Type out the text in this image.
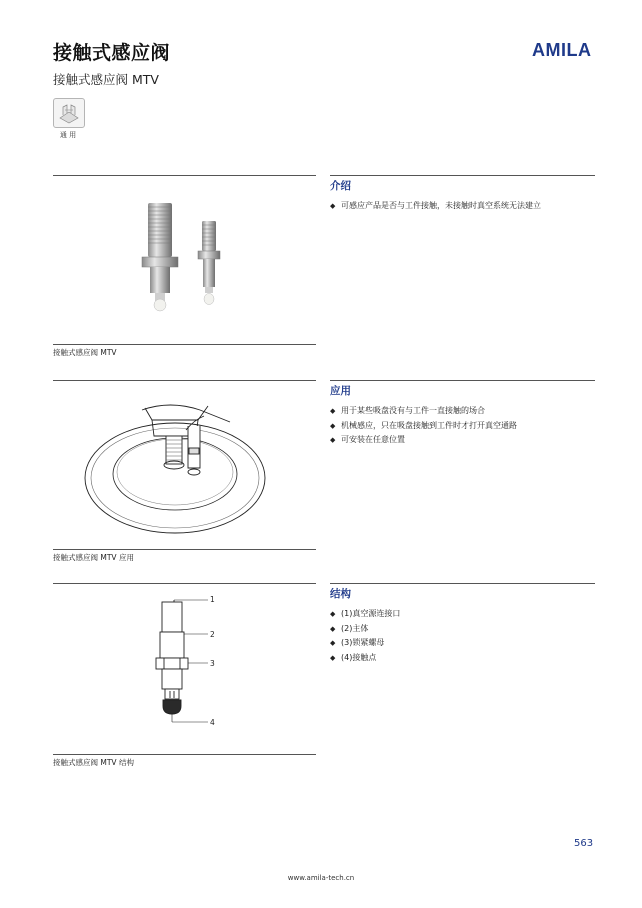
接触式感应阀
接触式感应阀 MTV
AMILA
通 用
介绍
◆ 可感应产品是否与工件接触，未接触时真空系统无法建立
接触式感应阀 MTV
应用
◆ 用于某些吸盘没有与工件一直接触的场合
◆ 机械感应，只在吸盘接触到工件时才打开真空通路
◆ 可安装在任意位置
接触式感应阀 MTV 应用
结构
◆ (1)真空源连接口
◆ (2)主体
◆ (3)锁紧螺母
◆ (4)接触点
1
2
3
4
接触式感应阀 MTV 结构
563
www.amila-tech.cn
